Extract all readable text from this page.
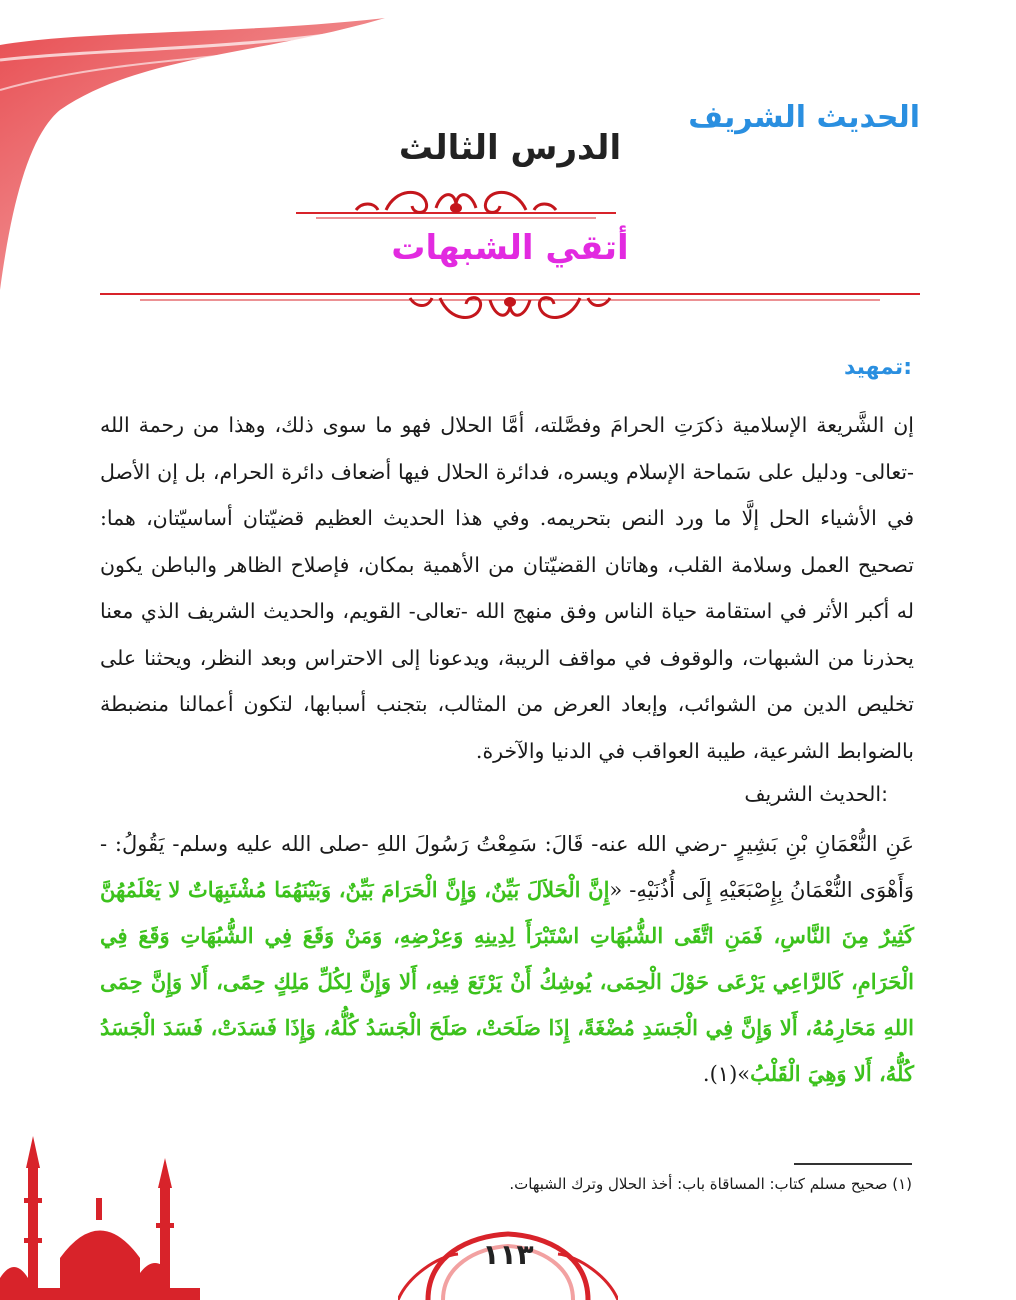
الحديث الشريف
الدرس الثالث
أتقي الشبهات
تمهيد:

إن الشَّريعة الإسلامية ذكرَتِ الحرامَ وفصَّلته، أمَّا الحلال فهو ما سوى ذلك، وهذا من رحمة الله -تعالى- ودليل على سَماحة الإسلام ويسره، فدائرة الحلال فيها أضعاف دائرة الحرام، بل إن الأصل في الأشياء الحل إلَّا ما ورد النص بتحريمه. وفي هذا الحديث العظيم قضيّتان أساسيّتان، هما: تصحيح العمل وسلامة القلب، وهاتان القضيّتان من الأهمية بمكان، فإصلاح الظاهر والباطن يكون له أكبر الأثر في استقامة حياة الناس وفق منهج الله -تعالى- القويم، والحديث الشريف الذي معنا يحذرنا من الشبهات، والوقوف في مواقف الريبة، ويدعونا إلى الاحتراس وبعد النظر، ويحثنا على تخليص الدين من الشوائب، وإبعاد العرض من المثالب، بتجنب أسبابها، لتكون أعمالنا منضبطة بالضوابط الشرعية، طيبة العواقب في الدنيا والآخرة.

الحديث الشريف:
عَنِ النُّعْمَانِ بْنِ بَشِيرٍ -رضي الله عنه- قَالَ: سَمِعْتُ رَسُولَ اللهِ -صلى الله عليه وسلم- يَقُولُ: - وَأَهْوَى النُّعْمَانُ بِإِصْبَعَيْهِ إِلَى أُذُنَيْهِ- «إِنَّ الْحَلاَلَ بَيِّنٌ، وَإِنَّ الْحَرَامَ بَيِّنٌ، وَبَيْنَهُمَا مُشْتَبِهَاتٌ لا يَعْلَمُهُنَّ كَثِيرٌ مِنَ النَّاسِ، فَمَنِ اتَّقَى الشُّبُهَاتِ اسْتَبْرَأَ لِدِينِهِ وَعِرْضِهِ، وَمَنْ وَقَعَ فِي الشُّبُهَاتِ وَقَعَ فِي الْحَرَامِ، كَالرَّاعِي يَرْعَى حَوْلَ الْحِمَى، يُوشِكُ أَنْ يَرْتَعَ فِيهِ، أَلا وَإِنَّ لِكُلِّ مَلِكٍ حِمًى، أَلا وَإِنَّ حِمَى اللهِ مَحَارِمُهُ، أَلا وَإِنَّ فِي الْجَسَدِ مُضْغَةً، إِذَا صَلَحَتْ، صَلَحَ الْجَسَدُ كُلُّهُ، وَإِذَا فَسَدَتْ، فَسَدَ الْجَسَدُ كُلُّهُ، أَلا وَهِيَ الْقَلْبُ»(١).
(١) صحيح مسلم كتاب: المساقاة باب: أخذ الحلال وترك الشبهات.
١١٣
